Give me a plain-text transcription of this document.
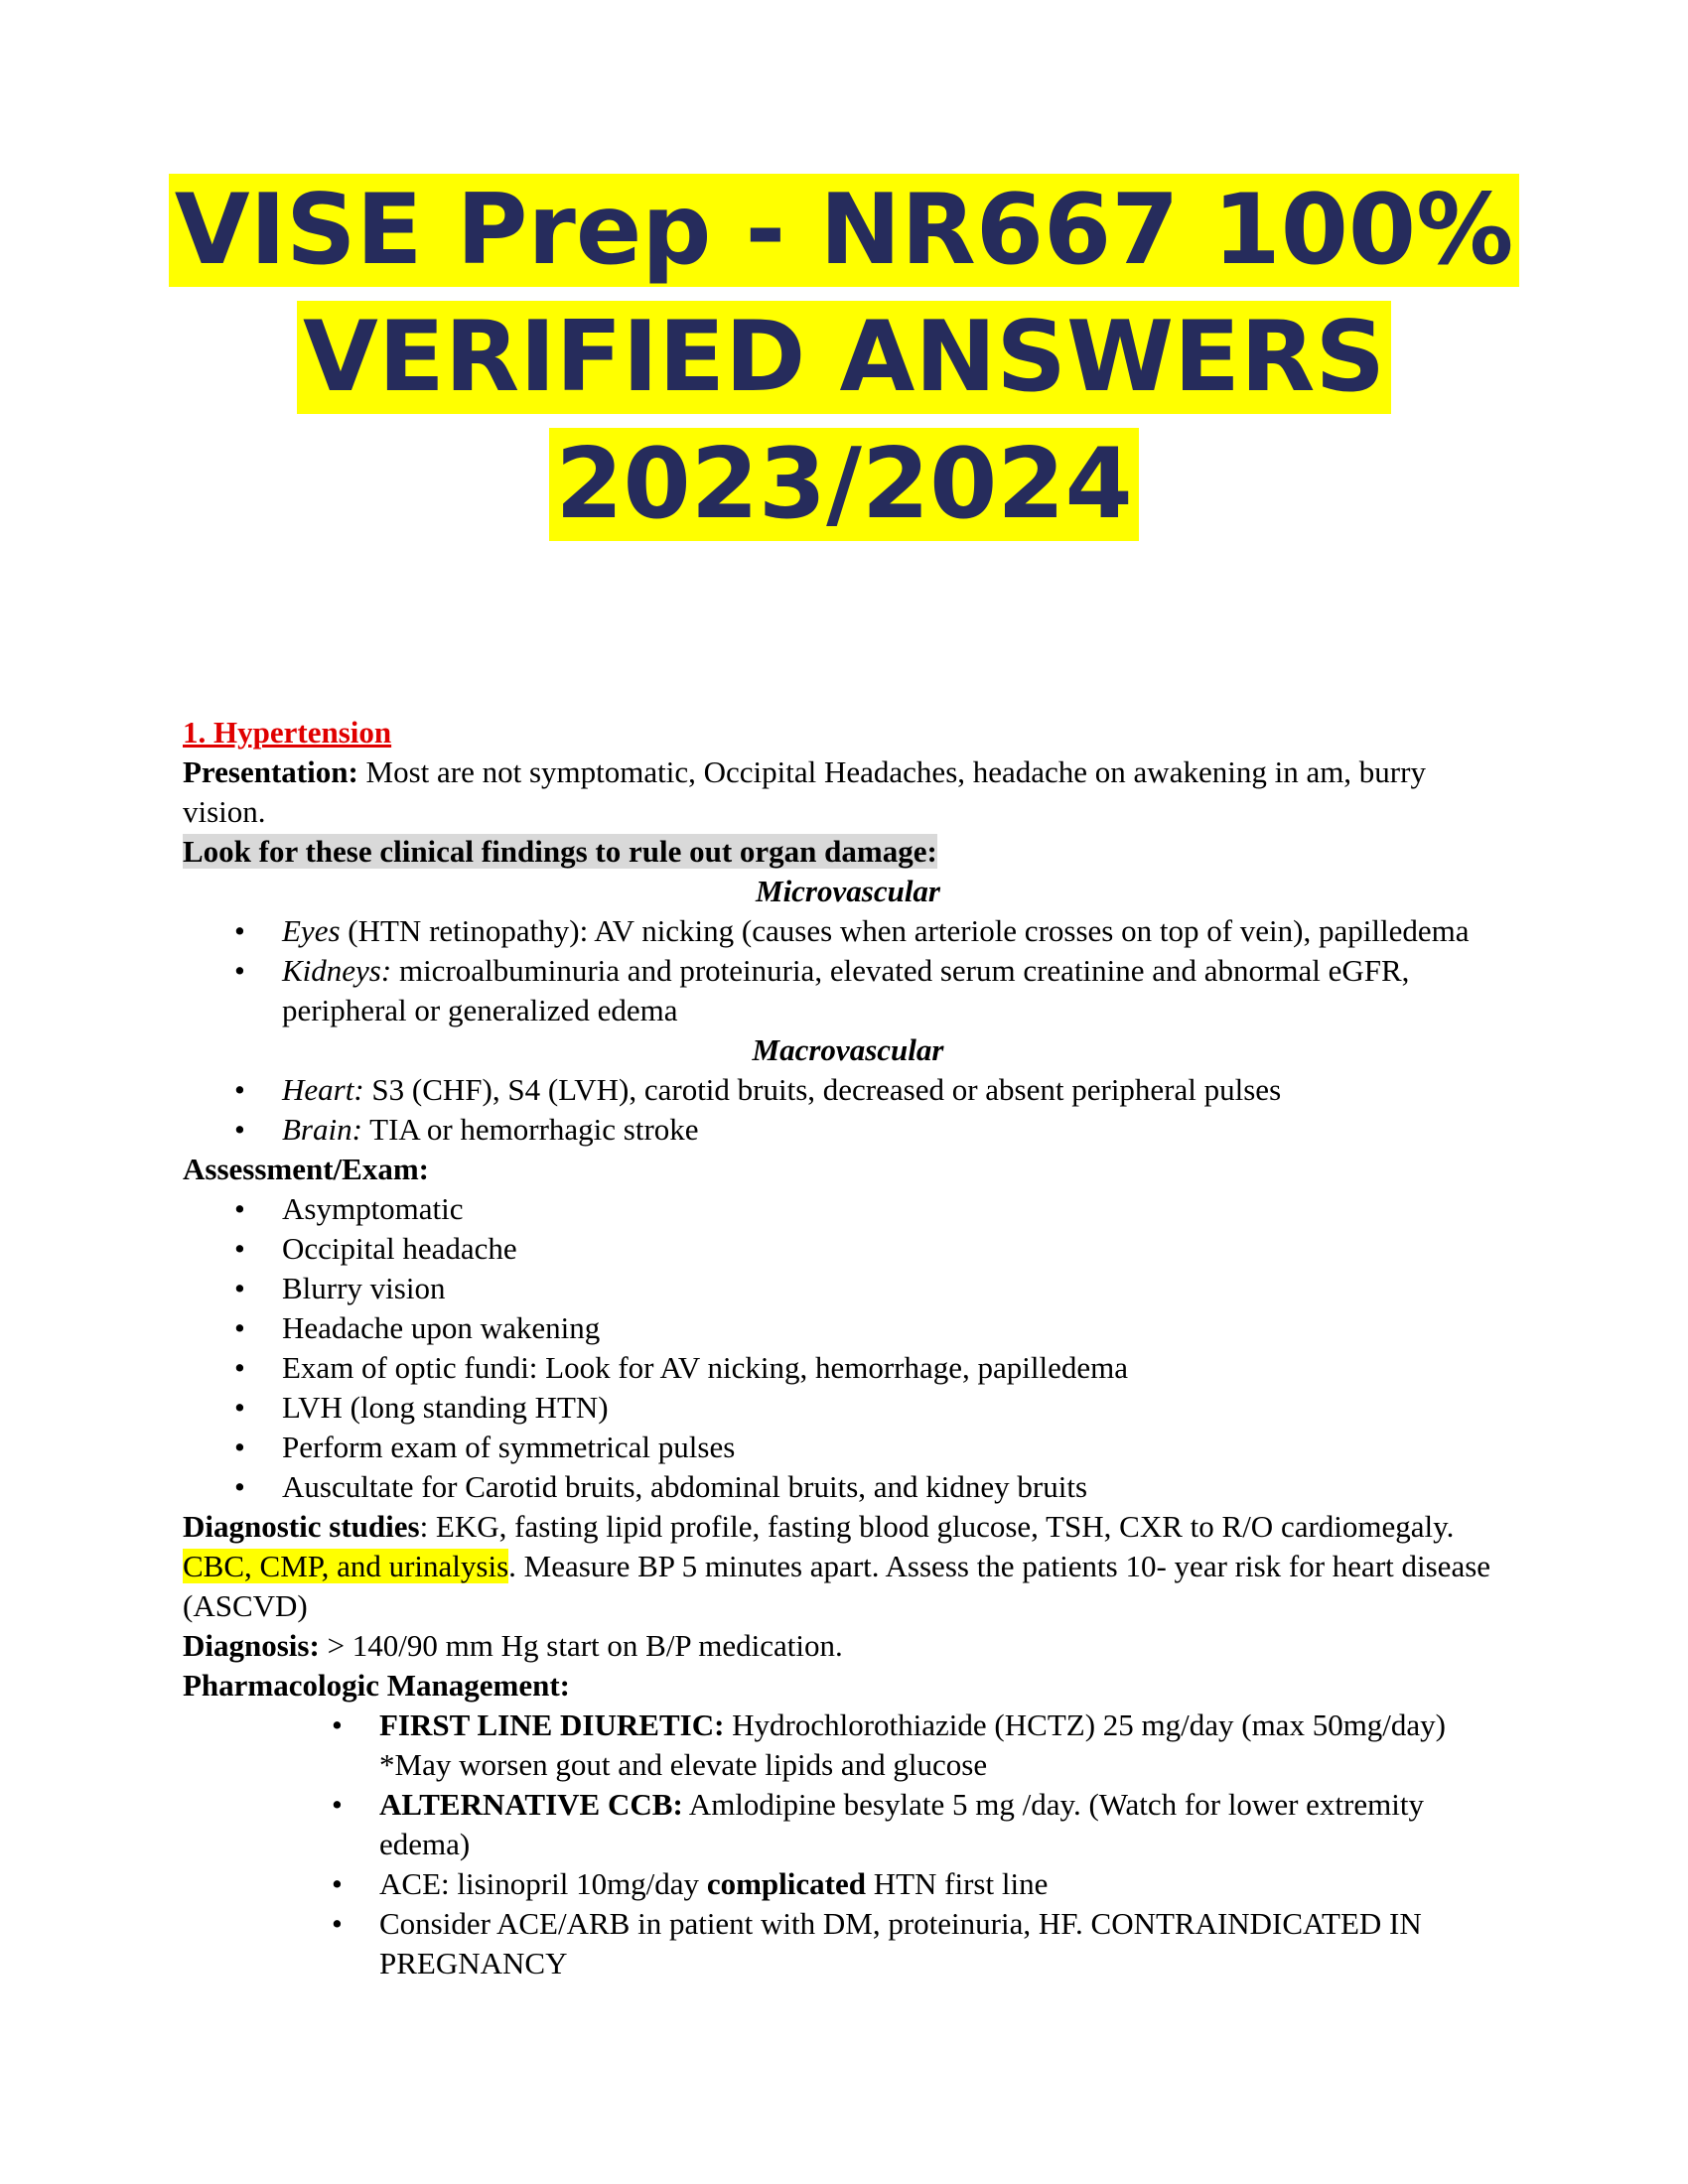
VISE Prep - NR667 100%
VERIFIED ANSWERS
2023/2024
1. Hypertension
Presentation: Most are not symptomatic, Occipital Headaches, headache on awakening in am, burry vision.
Look for these clinical findings to rule out organ damage:
Microvascular
• Eyes (HTN retinopathy): AV nicking (causes when arteriole crosses on top of vein), papilledema
• Kidneys: microalbuminuria and proteinuria, elevated serum creatinine and abnormal eGFR, peripheral or generalized edema
Macrovascular
• Heart: S3 (CHF), S4 (LVH), carotid bruits, decreased or absent peripheral pulses
• Brain: TIA or hemorrhagic stroke
Assessment/Exam:
• Asymptomatic
• Occipital headache
• Blurry vision
• Headache upon wakening
• Exam of optic fundi: Look for AV nicking, hemorrhage, papilledema
• LVH (long standing HTN)
• Perform exam of symmetrical pulses
• Auscultate for Carotid bruits, abdominal bruits, and kidney bruits
Diagnostic studies: EKG, fasting lipid profile, fasting blood glucose, TSH, CXR to R/O cardiomegaly. CBC, CMP, and urinalysis. Measure BP 5 minutes apart. Assess the patients 10- year risk for heart disease (ASCVD)
Diagnosis: > 140/90 mm Hg start on B/P medication.
Pharmacologic Management:
• FIRST LINE DIURETIC: Hydrochlorothiazide (HCTZ) 25 mg/day (max 50mg/day) *May worsen gout and elevate lipids and glucose
• ALTERNATIVE CCB: Amlodipine besylate 5 mg /day. (Watch for lower extremity edema)
• ACE: lisinopril 10mg/day complicated HTN first line
• Consider ACE/ARB in patient with DM, proteinuria, HF. CONTRAINDICATED IN PREGNANCY
